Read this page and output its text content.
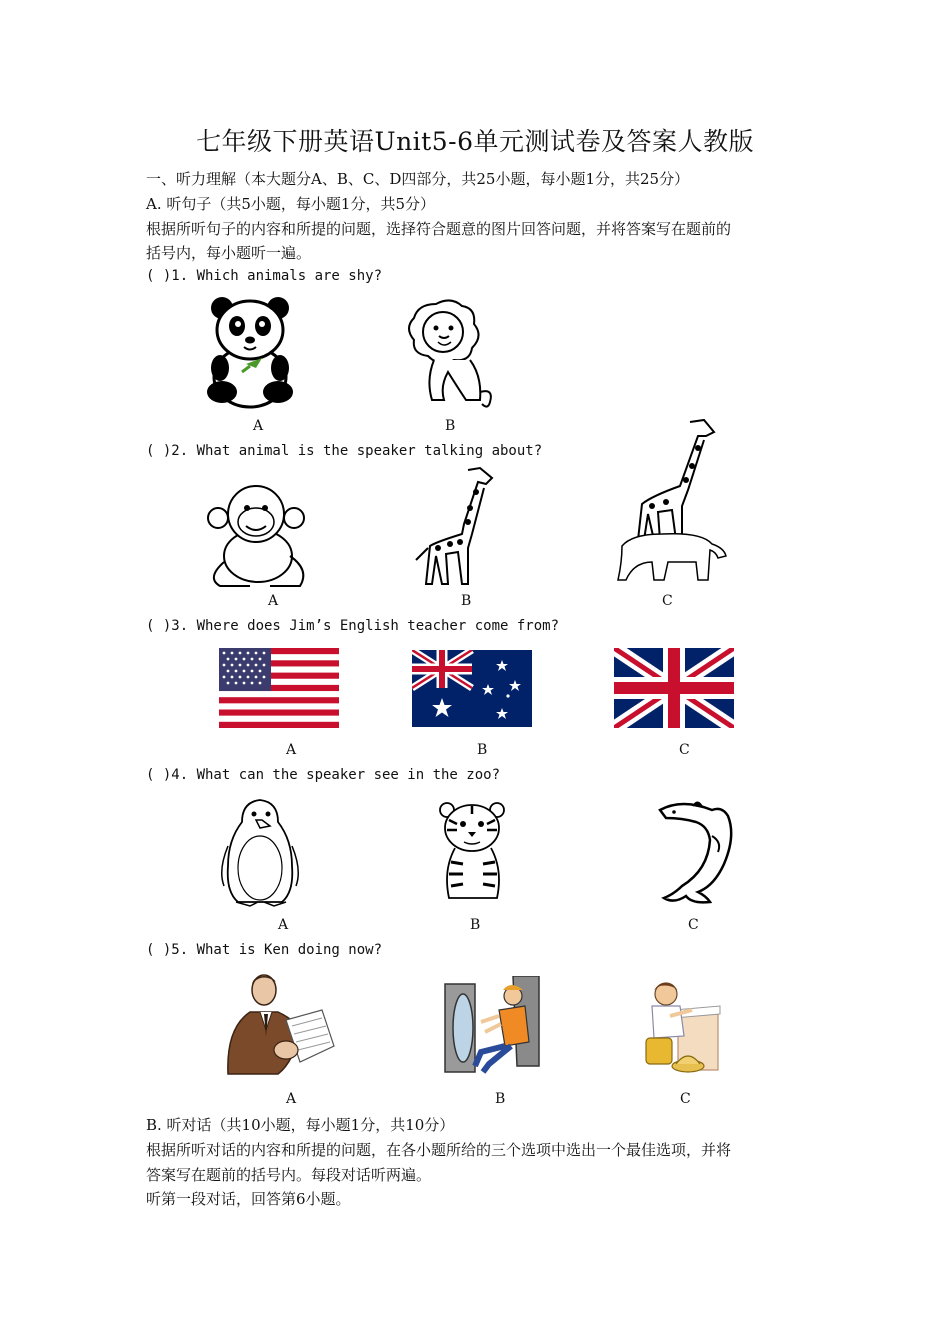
七年级下册英语Unit5-6单元测试卷及答案人教版
一、听力理解（本大题分A、B、C、D四部分，共25小题，每小题1分，共25分）
A. 听句子（共5小题，每小题1分，共5分）
根据所听句子的内容和所提的问题，选择符合题意的图片回答问题，并将答案写在题前的
括号内，每小题听一遍。
( )1. Which animals are shy?
A	B
( )2. What animal is the speaker talking about?
A	B	C
( )3. Where does Jim’s English teacher come from?
A	B	C
( )4. What can the speaker see in the zoo?
A	B	C
( )5. What is Ken doing now?
A	B	C
B. 听对话（共10小题，每小题1分，共10分）
根据所听对话的内容和所提的问题，在各小题所给的三个选项中选出一个最佳选项，并将
答案写在题前的括号内。每段对话听两遍。
听第一段对话，回答第6小题。
